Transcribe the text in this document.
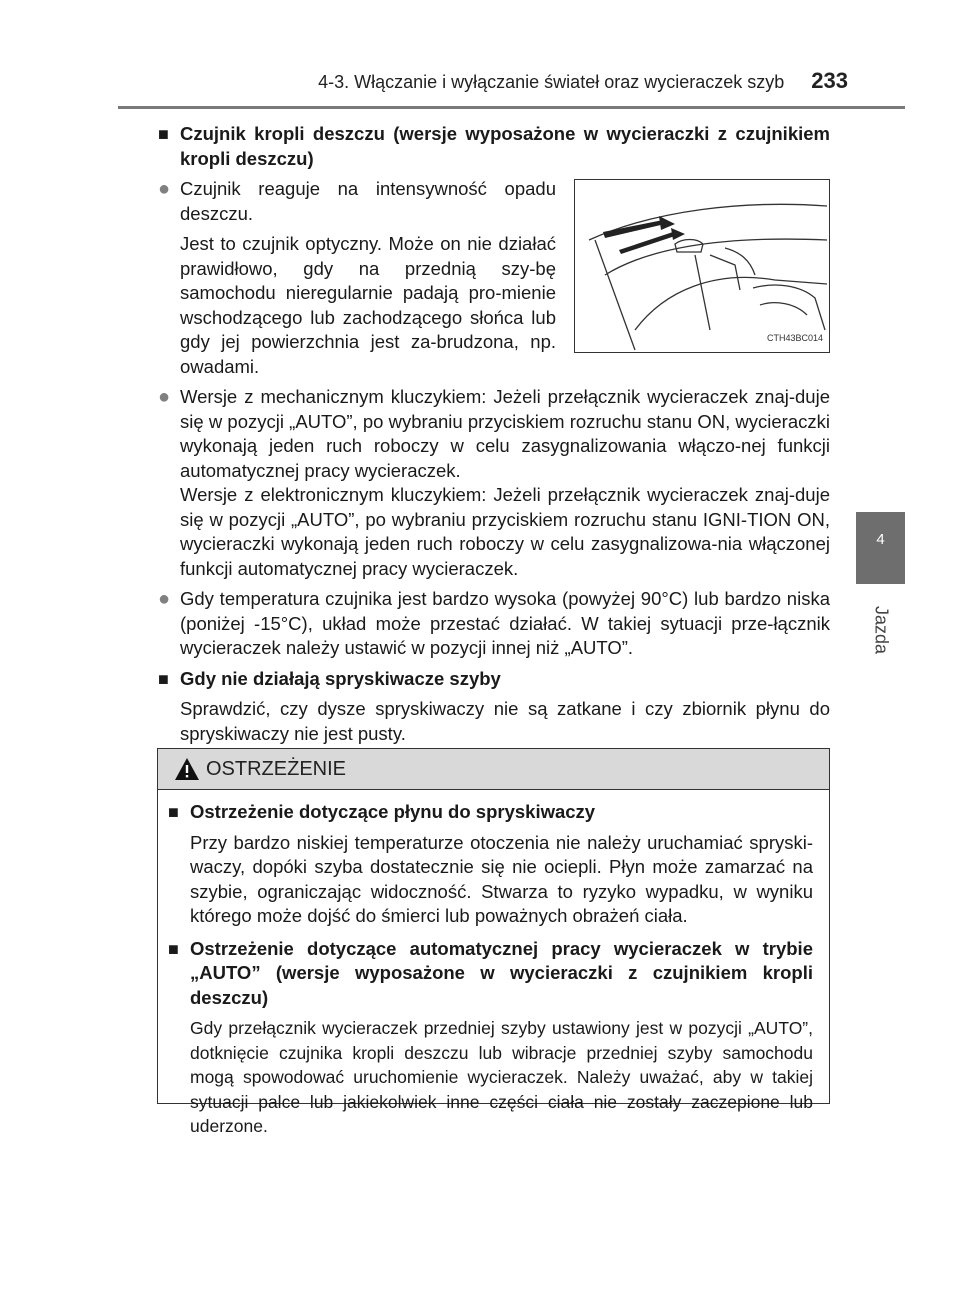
4-3. Włączanie i wyłączanie świateł oraz wycieraczek szyb 233
4
Jazda
■ Czujnik kropli deszczu (wersje wyposażone w wycieraczki z czujnikiem kropli deszczu)
● Czujnik reaguje na intensywność opadu deszczu.

Jest to czujnik optyczny. Może on nie działać prawidłowo, gdy na przednią szy-bę samochodu nieregularnie padają pro-mienie wschodzącego lub zachodzącego słońca lub gdy jej powierzchnia jest za-brudzona, np. owadami.

CTH43BC014
● Wersje z mechanicznym kluczykiem: Jeżeli przełącznik wycieraczek znaj-duje się w pozycji „AUTO”, po wybraniu przyciskiem rozruchu stanu ON, wycieraczki wykonają jeden ruch roboczy w celu zasygnalizowania włączo-nej funkcji automatycznej pracy wycieraczek.

Wersje z elektronicznym kluczykiem: Jeżeli przełącznik wycieraczek znaj-duje się w pozycji „AUTO”, po wybraniu przyciskiem rozruchu stanu IGNI-TION ON, wycieraczki wykonają jeden ruch roboczy w celu zasygnalizowa-nia włączonej funkcji automatycznej pracy wycieraczek.

● Gdy temperatura czujnika jest bardzo wysoka (powyżej 90°C) lub bardzo niska (poniżej -15°C), układ może przestać działać. W takiej sytuacji prze-łącznik wycieraczek należy ustawić w pozycji innej niż „AUTO”.

■ Gdy nie działają spryskiwacze szyby
Sprawdzić, czy dysze spryskiwaczy nie są zatkane i czy zbiornik płynu do spryskiwaczy nie jest pusty.
OSTRZEŻENIE
■ Ostrzeżenie dotyczące płynu do spryskiwaczy
Przy bardzo niskiej temperaturze otoczenia nie należy uruchamiać spryski-waczy, dopóki szyba dostatecznie się nie ociepli. Płyn może zamarzać na szybie, ograniczając widoczność. Stwarza to ryzyko wypadku, w wyniku którego może dojść do śmierci lub poważnych obrażeń ciała.
■ Ostrzeżenie dotyczące automatycznej pracy wycieraczek w trybie „AUTO” (wersje wyposażone w wycieraczki z czujnikiem kropli deszczu)
Gdy przełącznik wycieraczek przedniej szyby ustawiony jest w pozycji „AUTO”, dotknięcie czujnika kropli deszczu lub wibracje przedniej szyby samochodu mogą spowodować uruchomienie wycieraczek. Należy uważać, aby w takiej sytuacji palce lub jakiekolwiek inne części ciała nie zostały zaczepione lub uderzone.
